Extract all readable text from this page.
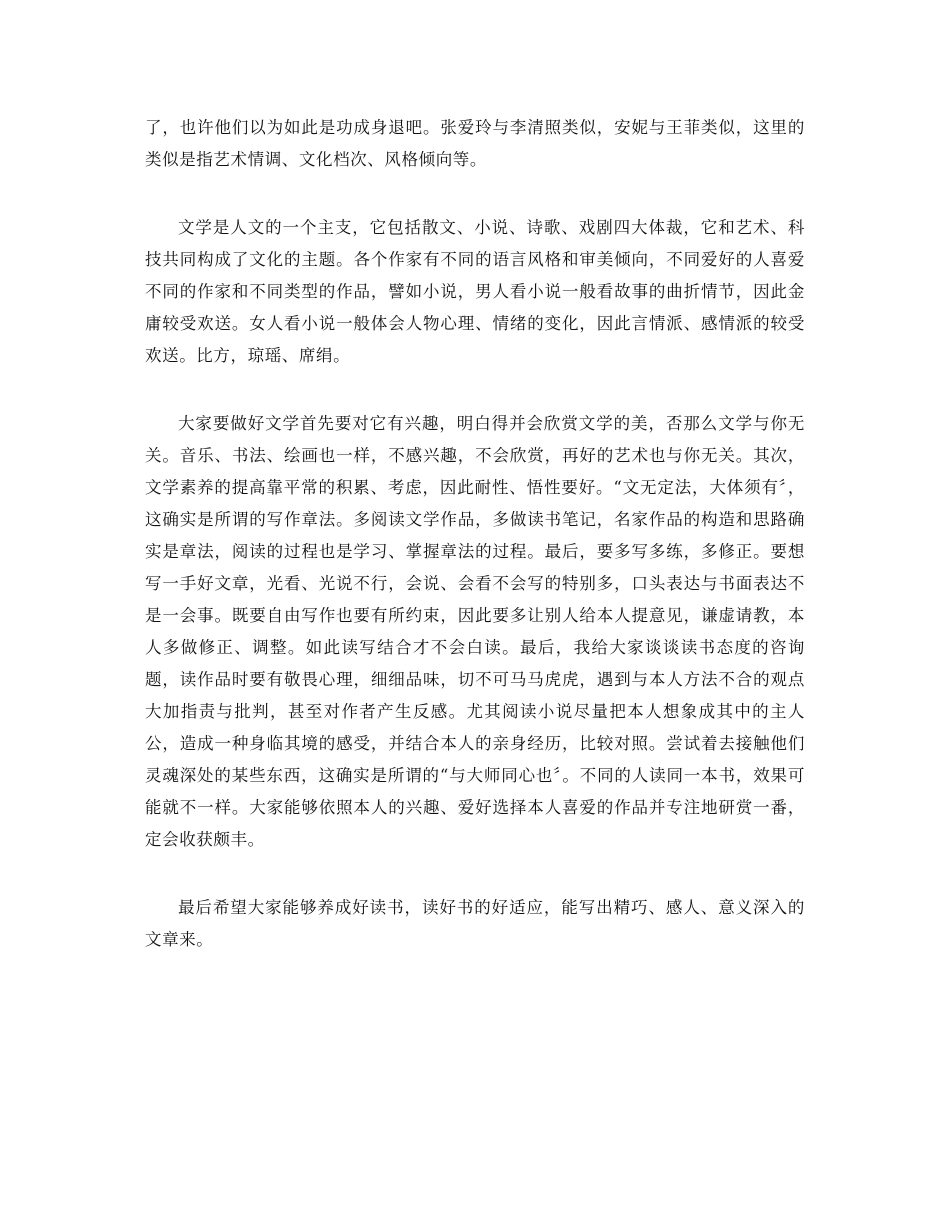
了，也许他们以为如此是功成身退吧。张爱玲与李清照类似，安妮与王菲类似，这里的类似是指艺术情调、文化档次、风格倾向等。

文学是人文的一个主支，它包括散文、小说、诗歌、戏剧四大体裁，它和艺术、科技共同构成了文化的主题。各个作家有不同的语言风格和审美倾向，不同爱好的人喜爱不同的作家和不同类型的作品，譬如小说，男人看小说一般看故事的曲折情节，因此金庸较受欢送。女人看小说一般体会人物心理、情绪的变化，因此言情派、感情派的较受欢送。比方，琼瑶、席绢。

大家要做好文学首先要对它有兴趣，明白得并会欣赏文学的美，否那么文学与你无关。音乐、书法、绘画也一样，不感兴趣，不会欣赏，再好的艺术也与你无关。其次，文学素养的提高靠平常的积累、考虑，因此耐性、悟性要好。“文无定法，大体须有〞，这确实是所谓的写作章法。多阅读文学作品，多做读书笔记，名家作品的构造和思路确实是章法，阅读的过程也是学习、掌握章法的过程。最后，要多写多练，多修正。要想写一手好文章，光看、光说不行，会说、会看不会写的特别多，口头表达与书面表达不是一会事。既要自由写作也要有所约束，因此要多让别人给本人提意见，谦虚请教，本人多做修正、调整。如此读写结合才不会白读。最后，我给大家谈谈读书态度的咨询题，读作品时要有敬畏心理，细细品味，切不可马马虎虎，遇到与本人方法不合的观点大加指责与批判，甚至对作者产生反感。尤其阅读小说尽量把本人想象成其中的主人公，造成一种身临其境的感受，并结合本人的亲身经历，比较对照。尝试着去接触他们灵魂深处的某些东西，这确实是所谓的“与大师同心也〞。不同的人读同一本书，效果可能就不一样。大家能够依照本人的兴趣、爱好选择本人喜爱的作品并专注地研赏一番，定会收获颇丰。

最后希望大家能够养成好读书，读好书的好适应，能写出精巧、感人、意义深入的文章来。
